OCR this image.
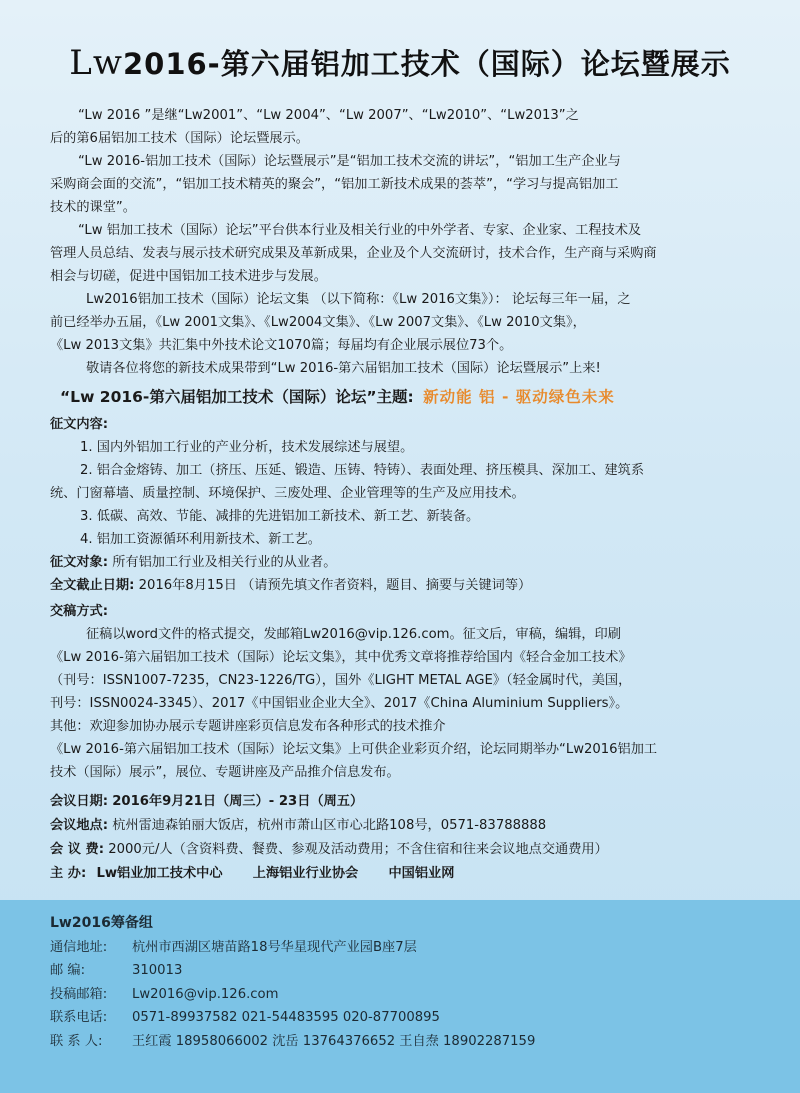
Lw2016-第六届铝加工技术（国际）论坛暨展示

“Lw 2016 ”是继“Lw2001”、“Lw 2004”、“Lw 2007”、“Lw2010”、“Lw2013”之

后的第6届铝加工技术（国际）论坛暨展示。

“Lw 2016-铝加工技术（国际）论坛暨展示”是“铝加工技术交流的讲坛”，“铝加工生产企业与

采购商会面的交流”，“铝加工技术精英的聚会”，“铝加工新技术成果的荟萃”，“学习与提高铝加工

技术的课堂”。

“Lw 铝加工技术（国际）论坛”平台供本行业及相关行业的中外学者、专家、企业家、工程技术及

管理人员总结、发表与展示技术研究成果及革新成果，企业及个人交流研讨，技术合作，生产商与采购商

相会与切磋，促进中国铝加工技术进步与发展。

Lw2016铝加工技术（国际）论坛文集 （以下简称：《Lw 2016文集》）： 论坛每三年一届，之

前已经举办五届，《Lw 2001文集》、《Lw2004文集》、《Lw 2007文集》、《Lw 2010文集》，

《Lw 2013文集》共汇集中外技术论文1070篇；每届均有企业展示展位73个。

敬请各位将您的新技术成果带到“Lw 2016-第六届铝加工技术（国际）论坛暨展示”上来!

“Lw 2016-第六届铝加工技术（国际）论坛”主题: 新动能 铝 - 驱动绿色未来

征文内容:

1. 国内外铝加工行业的产业分析，技术发展综述与展望。

2. 铝合金熔铸、加工（挤压、压延、锻造、压铸、特铸）、表面处理、挤压模具、深加工、建筑系

统、门窗幕墙、质量控制、环境保护、三废处理、企业管理等的生产及应用技术。

3. 低碳、高效、节能、减排的先进铝加工新技术、新工艺、新装备。

4. 铝加工资源循环利用新技术、新工艺。

征文对象: 所有铝加工行业及相关行业的从业者。

全文截止日期: 2016年8月15日 （请预先填文作者资料，题目、摘要与关键词等）

交稿方式:

征稿以word文件的格式提交，发邮箱Lw2016@vip.126.com。征文后，审稿，编辑，印刷

《Lw 2016-第六届铝加工技术（国际）论坛文集》，其中优秀文章将推荐给国内《轻合金加工技术》

（刊号：ISSN1007-7235，CN23-1226/TG），国外《LIGHT METAL AGE》（轻金属时代，美国，

刊号：ISSN0024-3345）、2017《中国铝业企业大全》、2017《China Aluminium Suppliers》。

其他：欢迎参加协办展示专题讲座彩页信息发布各种形式的技术推介

《Lw 2016-第六届铝加工技术（国际）论坛文集》上可供企业彩页介绍，论坛同期举办“Lw2016铝加工

技术（国际）展示”，展位、专题讲座及产品推介信息发布。

会议日期: 2016年9月21日（周三）- 23日（周五）

会议地点: 杭州雷迪森铂丽大饭店，杭州市萧山区市心北路108号，0571-83788888

会 议 费: 2000元/人（含资料费、餐费、参观及活动费用；不含住宿和往来会议地点交通费用）

主 办: Lw铝业加工技术中心 上海铝业行业协会 中国铝业网

Lw2016筹备组

通信地址: 杭州市西湖区塘苗路18号华星现代产业园B座7层

邮 编:	310013

投稿邮箱: Lw2016@vip.126.com

联系电话: 0571-89937582 021-54483595 020-87700895

联 系 人: 王红霞 18958066002 沈岳 13764376652 王自焘 18902287159
